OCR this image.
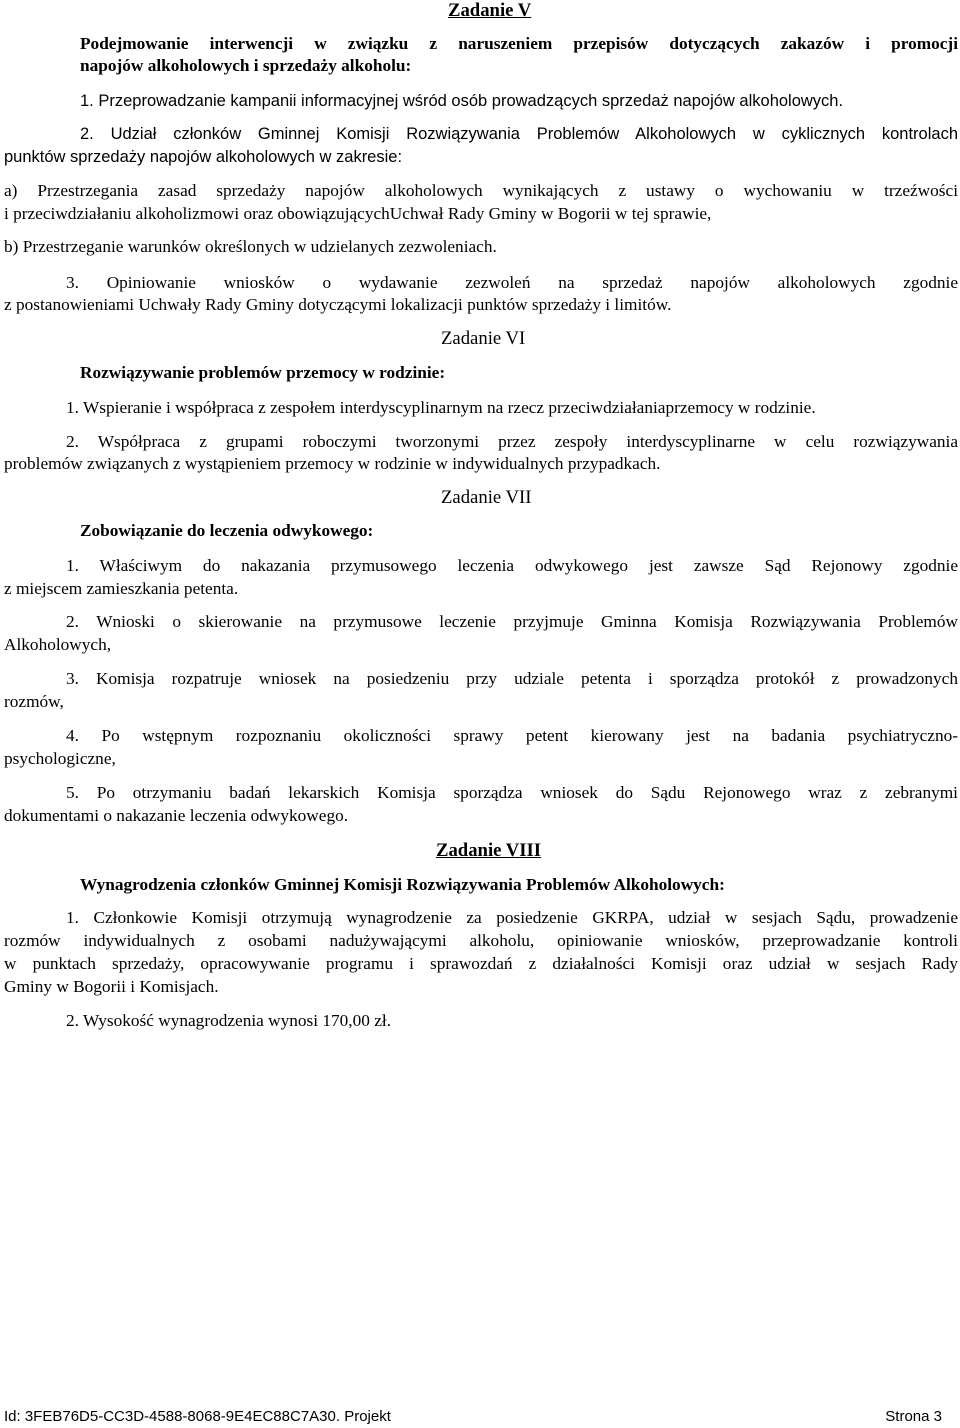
Zadanie V
Podejmowanie interwencji w związku z naruszeniem przepisów dotyczących zakazów i promocji
napojów alkoholowych i sprzedaży alkoholu:
1. Przeprowadzanie kampanii informacyjnej wśród osób prowadzących sprzedaż napojów alkoholowych.
2. Udział członków Gminnej Komisji Rozwiązywania Problemów Alkoholowych w cyklicznych kontrolach
punktów sprzedaży napojów alkoholowych w zakresie:
a) Przestrzegania zasad sprzedaży napojów alkoholowych wynikających z ustawy o wychowaniu w trzeźwości
i przeciwdziałaniu alkoholizmowi oraz obowiązującychUchwał Rady Gminy w Bogorii w tej sprawie,
b) Przestrzeganie warunków określonych w udzielanych zezwoleniach.
3. Opiniowanie wniosków o wydawanie zezwoleń na sprzedaż napojów alkoholowych zgodnie
z postanowieniami Uchwały Rady Gminy dotyczącymi lokalizacji punktów sprzedaży i limitów.
Zadanie VI
Rozwiązywanie problemów przemocy w rodzinie:
1. Wspieranie i współpraca z zespołem interdyscyplinarnym na rzecz przeciwdziałaniaprzemocy w rodzinie.
2. Współpraca z grupami roboczymi tworzonymi przez zespoły interdyscyplinarne w celu rozwiązywania
problemów związanych z wystąpieniem przemocy w rodzinie w indywidualnych przypadkach.
Zadanie VII
Zobowiązanie do leczenia odwykowego:
1. Właściwym do nakazania przymusowego leczenia odwykowego jest zawsze Sąd Rejonowy zgodnie
z miejscem zamieszkania petenta.
2. Wnioski o skierowanie na przymusowe leczenie przyjmuje Gminna Komisja Rozwiązywania Problemów
Alkoholowych,
3. Komisja rozpatruje wniosek na posiedzeniu przy udziale petenta i sporządza protokół z prowadzonych
rozmów,
4. Po wstępnym rozpoznaniu okoliczności sprawy petent kierowany jest na badania psychiatryczno-
psychologiczne,
5. Po otrzymaniu badań lekarskich Komisja sporządza wniosek do Sądu Rejonowego wraz z zebranymi
dokumentami o nakazanie leczenia odwykowego.
Zadanie VIII
Wynagrodzenia członków Gminnej Komisji Rozwiązywania Problemów Alkoholowych:
1. Członkowie Komisji otrzymują wynagrodzenie za posiedzenie GKRPA, udział w sesjach Sądu, prowadzenie
rozmów indywidualnych z osobami nadużywającymi alkoholu, opiniowanie wniosków, przeprowadzanie kontroli
w punktach sprzedaży, opracowywanie programu i sprawozdań z działalności Komisji oraz udział w sesjach Rady
Gminy w Bogorii i Komisjach.
2. Wysokość wynagrodzenia wynosi 170,00 zł.
Id: 3FEB76D5-CC3D-4588-8068-9E4EC88C7A30. Projekt	Strona 3
